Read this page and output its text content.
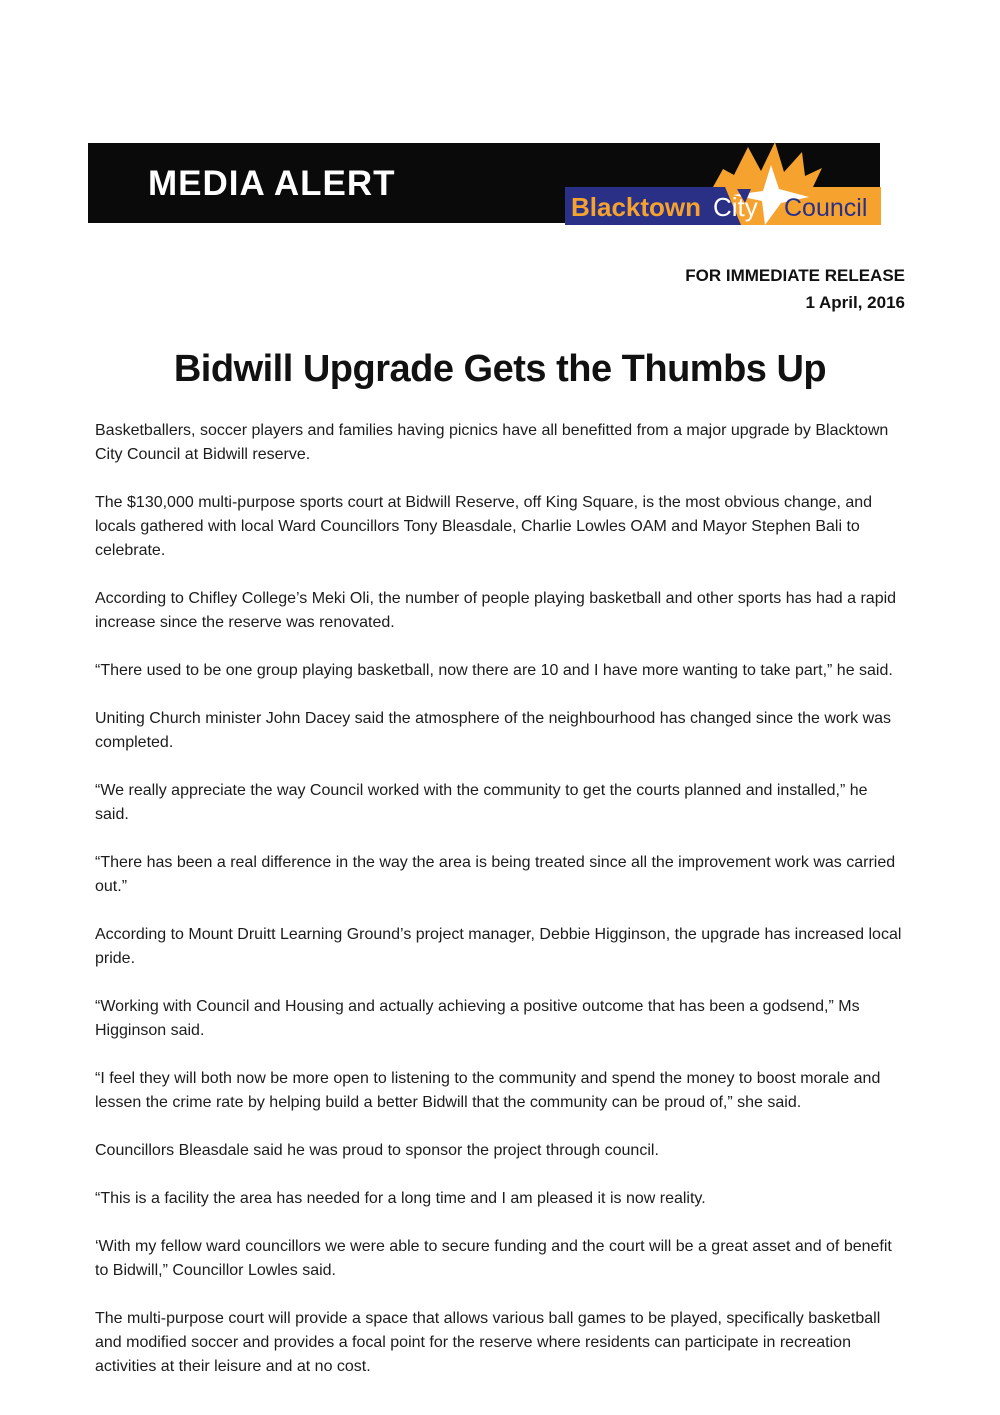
MEDIA ALERT
Blacktown City Council
FOR IMMEDIATE RELEASE
1 April, 2016
Bidwill Upgrade Gets the Thumbs Up

Basketballers, soccer players and families having picnics have all benefitted from a major upgrade by Blacktown City Council at Bidwill reserve.

The $130,000 multi-purpose sports court at Bidwill Reserve, off King Square, is the most obvious change, and locals gathered with local Ward Councillors Tony Bleasdale, Charlie Lowles OAM and Mayor Stephen Bali to celebrate.

According to Chifley College’s Meki Oli, the number of people playing basketball and other sports has had a rapid increase since the reserve was renovated.

“There used to be one group playing basketball, now there are 10 and I have more wanting to take part,” he said.

Uniting Church minister John Dacey said the atmosphere of the neighbourhood has changed since the work was completed.

“We really appreciate the way Council worked with the community to get the courts planned and installed,” he said.

“There has been a real difference in the way the area is being treated since all the improvement work was carried out.”

According to Mount Druitt Learning Ground’s project manager, Debbie Higginson, the upgrade has increased local pride.

“Working with Council and Housing and actually achieving a positive outcome that has been a godsend,” Ms Higginson said.

“I feel they will both now be more open to listening to the community and spend the money to boost morale and lessen the crime rate by helping build a better Bidwill that the community can be proud of,” she said.

Councillors Bleasdale said he was proud to sponsor the project through council.

“This is a facility the area has needed for a long time and I am pleased it is now reality.

‘With my fellow ward councillors we were able to secure funding and the court will be a great asset and of benefit to Bidwill,” Councillor Lowles said.

The multi-purpose court will provide a space that allows various ball games to be played, specifically basketball and modified soccer and provides a focal point for the reserve where residents can participate in recreation activities at their leisure and at no cost.
